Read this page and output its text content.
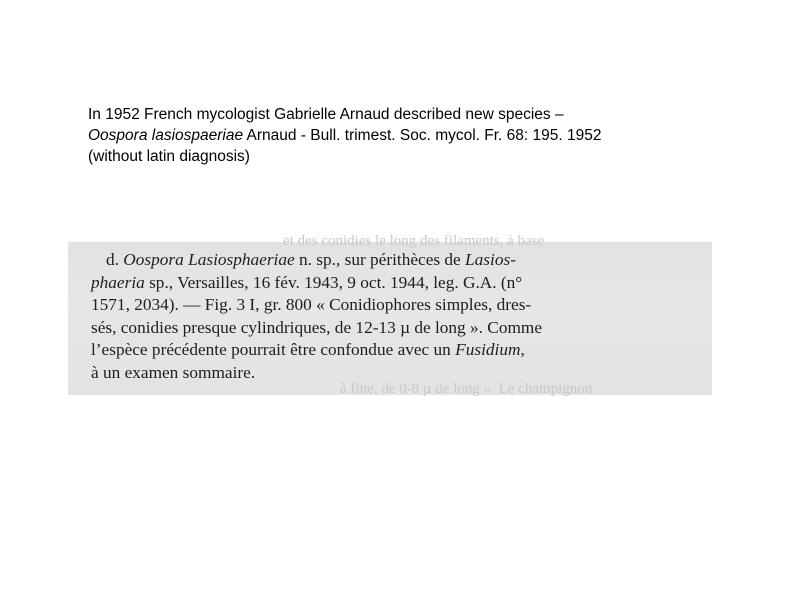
In 1952 French mycologist Gabrielle Arnaud described new species –
Oospora lasiospaeriae Arnaud - Bull. trimest. Soc. mycol. Fr. 68: 195. 1952
(without latin diagnosis)
et des conidies le long des filaments, à base
à fine, de 0-8 µ de long ». Le champignon
d. Oospora Lasiosphaeriae n. sp., sur périthèces de Lasios-
phaeria sp., Versailles, 16 fév. 1943, 9 oct. 1944, leg. G.A. (n°
1571, 2034). — Fig. 3 I, gr. 800 « Conidiophores simples, dres-
sés, conidies presque cylindriques, de 12-13 µ de long ». Comme
l’espèce précédente pourrait être confondue avec un Fusidium,
à un examen sommaire.
